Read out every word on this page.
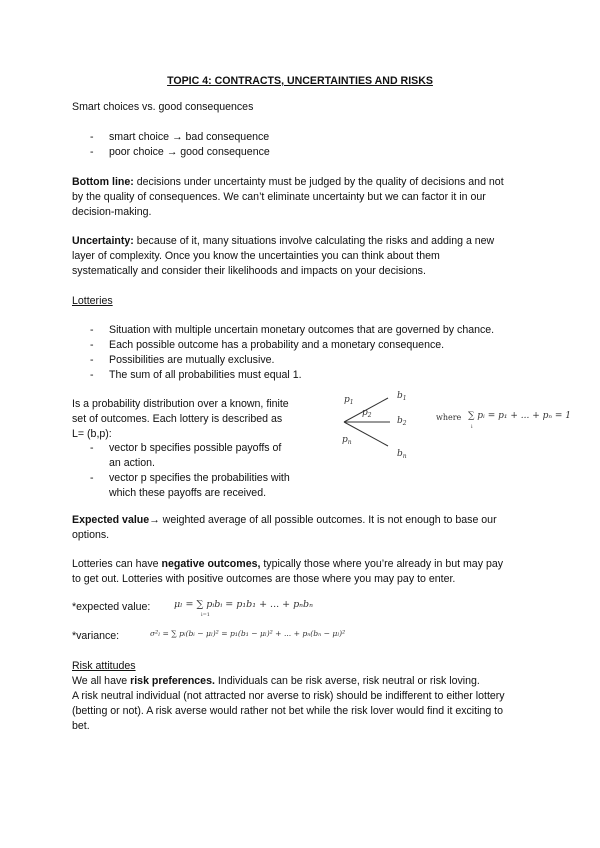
TOPIC 4: CONTRACTS, UNCERTAINTIES AND RISKS
Smart choices vs. good consequences
- smart choice → bad consequence
- poor choice → good consequence
Bottom line: decisions under uncertainty must be judged by the quality of decisions and not
by the quality of consequences. We can’t eliminate uncertainty but we can factor it in our
decision-making.
Uncertainty: because of it, many situations involve calculating the risks and adding a new
layer of complexity. Once you know the uncertainties you can think about them
systematically and consider their likelihoods and impacts on your decisions.
Lotteries
- Situation with multiple uncertain monetary outcomes that are governed by chance.
- Each possible outcome has a probability and a monetary consequence.
- Possibilities are mutually exclusive.
- The sum of all probabilities must equal 1.
Is a probability distribution over a known, finite
set of outcomes. Each lottery is described as
L= (b,p):
- vector b specifies possible payoffs of
an action.
- vector p specifies the probabilities with
which these payoffs are received.
$p_1$
$p_2$
$p_n$
$b_1$
$b_2$
$b_n$
where ∑ pᵢ = p₁ + ... + pₙ = 1
i
Expected value→ weighted average of all possible outcomes. It is not enough to base our
options.
Lotteries can have negative outcomes, typically those where you’re already in but may pay
to get out. Lotteries with positive outcomes are those where you may pay to enter.
*expected value: μₗ = ∑ pᵢbᵢ = p₁b₁ + ... + pₙbₙ
i=1
*variance:	σ²ₗ = ∑ pᵢ(bᵢ − μₗ)² = p₁(b₁ − μₗ)² + ... + pₙ(bₙ − μₗ)²
Risk attitudes
We all have risk preferences. Individuals can be risk averse, risk neutral or risk loving.
A risk neutral individual (not attracted nor averse to risk) should be indifferent to either lottery
(betting or not). A risk averse would rather not bet while the risk lover would find it exciting to
bet.
